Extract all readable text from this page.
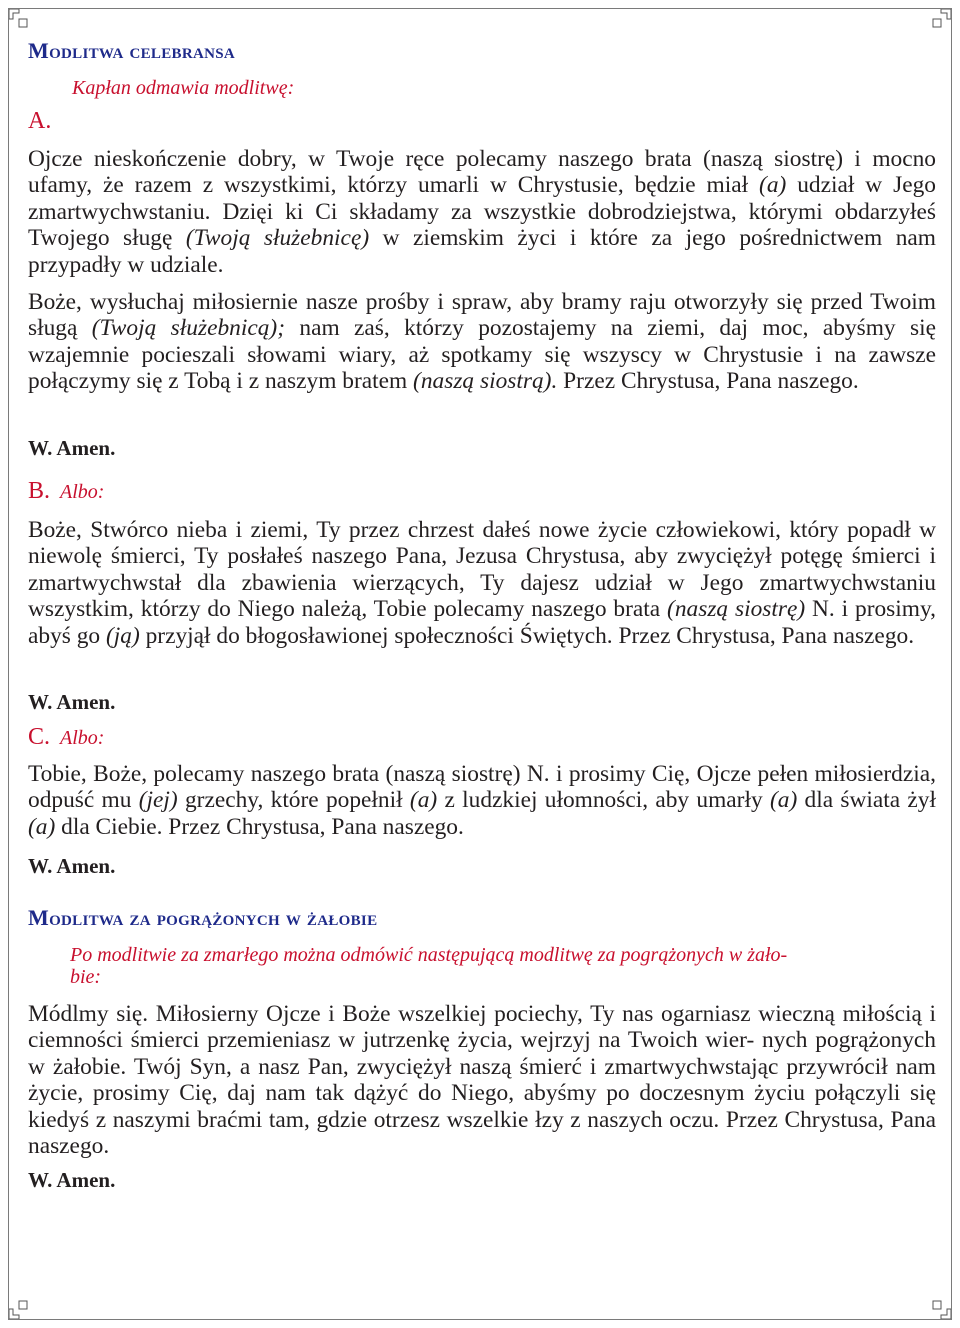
Modlitwa celebransa
Kapłan odmawia modlitwę:
A.

Ojcze nieskończenie dobry, w Twoje ręce polecamy naszego brata (naszą siostrę) i mocno ufamy, że razem z wszystkimi, którzy umarli w Chrystusie, będzie miał (a) udział w Jego zmartwychwstaniu. Dzięi ki Ci składamy za wszystkie dobrodziejstwa, którymi obdarzyłeś Twojego sługę (Twoją służebnicę) w ziemskim życi i które za jego pośrednictwem nam przypadły w udziale.

Boże, wysłuchaj miłosiernie nasze prośby i spraw, aby bramy raju otworzyły się przed Twoim sługą (Twoją służebnicą); nam zaś, którzy pozostajemy na ziemi, daj moc, abyśmy się wzajemnie pocieszali słowami wiary, aż spotkamy się wszyscy w Chrystusie i na zawsze połączymy się z Tobą i z naszym bratem (naszą siostrą). Przez Chrystusa, Pana naszego.

W. Amen.
B. Albo:

Boże, Stwórco nieba i ziemi, Ty przez chrzest dałeś nowe życie człowiekowi, który popadł w niewolę śmierci, Ty posłałeś naszego Pana, Jezusa Chrystusa, aby zwyciężył potęgę śmierci i zmartwychwstał dla zbawienia wierzących, Ty dajesz udział w Jego zmartwychwstaniu wszystkim, którzy do Niego należą, Tobie polecamy naszego brata (naszą siostrę) N. i prosimy, abyś go (ją) przyjął do błogosławionej społeczności Świętych. Przez Chrystusa, Pana naszego.

W. Amen.
C. Albo:

Tobie, Boże, polecamy naszego brata (naszą siostrę) N. i prosimy Cię, Ojcze pełen miłosierdzia, odpuść mu (jej) grzechy, które popełnił (a) z ludzkiej ułomności, aby umarły (a) dla świata żył (a) dla Ciebie. Przez Chrystusa, Pana naszego.

W. Amen.
Modlitwa za pogrążonych w żałobie
Po modlitwie za zmarłego można odmówić następującą modlitwę za pogrążonych w żało-
bie:

Módlmy się. Miłosierny Ojcze i Boże wszelkiej pociechy, Ty nas ogarniasz wieczną miłością i ciemności śmierci przemieniasz w jutrzenkę życia, wejrzyj na Twoich wier- nych pogrążonych w żałobie. Twój Syn, a nasz Pan, zwyciężył naszą śmierć i zmartwychwstając przywrócił nam życie, prosimy Cię, daj nam tak dążyć do Niego, abyśmy po doczesnym życiu połączyli się kiedyś z naszymi braćmi tam, gdzie otrzesz wszelkie łzy z naszych oczu. Przez Chrystusa, Pana naszego.

W. Amen.
